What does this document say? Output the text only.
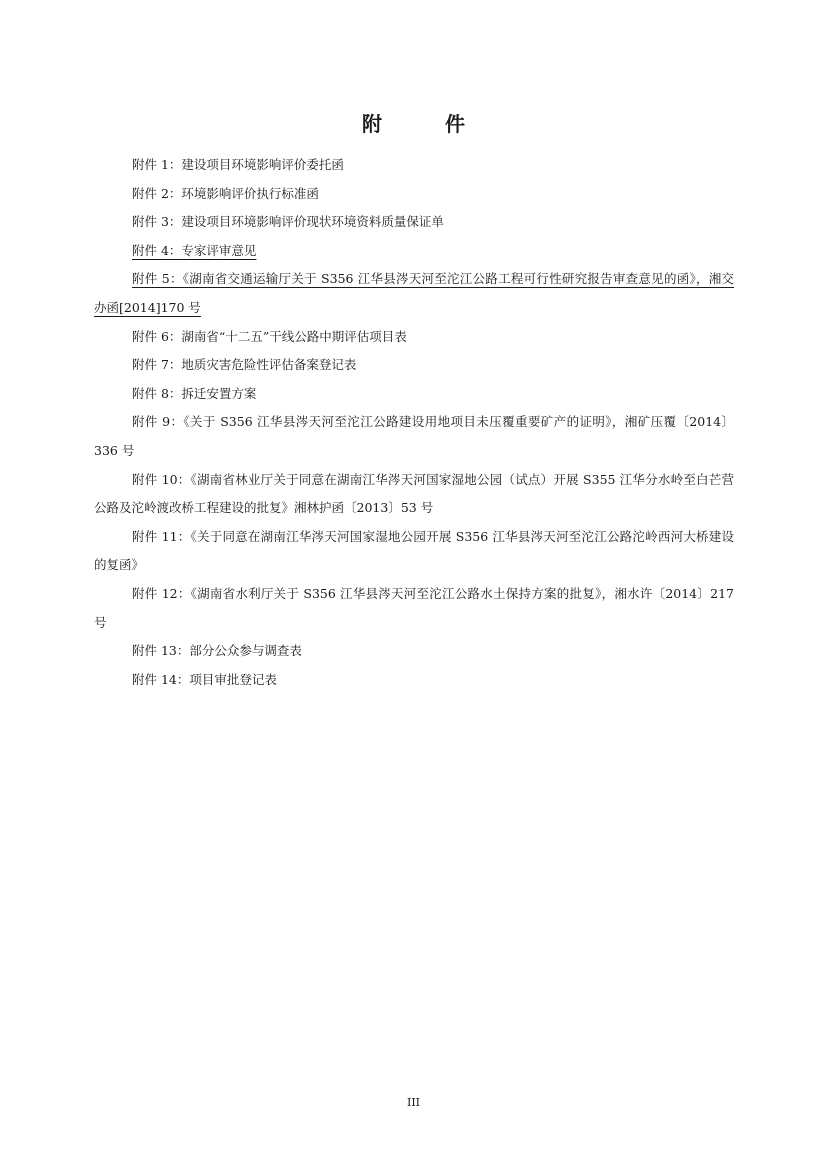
附 件
附件 1：建设项目环境影响评价委托函
附件 2：环境影响评价执行标准函
附件 3：建设项目环境影响评价现状环境资料质量保证单
附件 4：专家评审意见
附件 5：《湖南省交通运输厅关于 S356 江华县涔天河至沱江公路工程可行性研究报告审查意见的函》，湘交办函[2014]170 号
附件 6：湖南省“十二五”干线公路中期评估项目表
附件 7：地质灾害危险性评估备案登记表
附件 8：拆迁安置方案
附件 9：《关于 S356 江华县涔天河至沱江公路建设用地项目未压覆重要矿产的证明》，湘矿压覆〔2014〕336 号
附件 10：《湖南省林业厅关于同意在湖南江华涔天河国家湿地公园（试点）开展 S355 江华分水岭至白芒营公路及沱岭渡改桥工程建设的批复》湘林护函〔2013〕53 号
附件 11：《关于同意在湖南江华涔天河国家湿地公园开展 S356 江华县涔天河至沱江公路沱岭西河大桥建设的复函》
附件 12：《湖南省水利厅关于 S356 江华县涔天河至沱江公路水土保持方案的批复》，湘水许〔2014〕217 号
附件 13：部分公众参与调查表
附件 14：项目审批登记表
III
